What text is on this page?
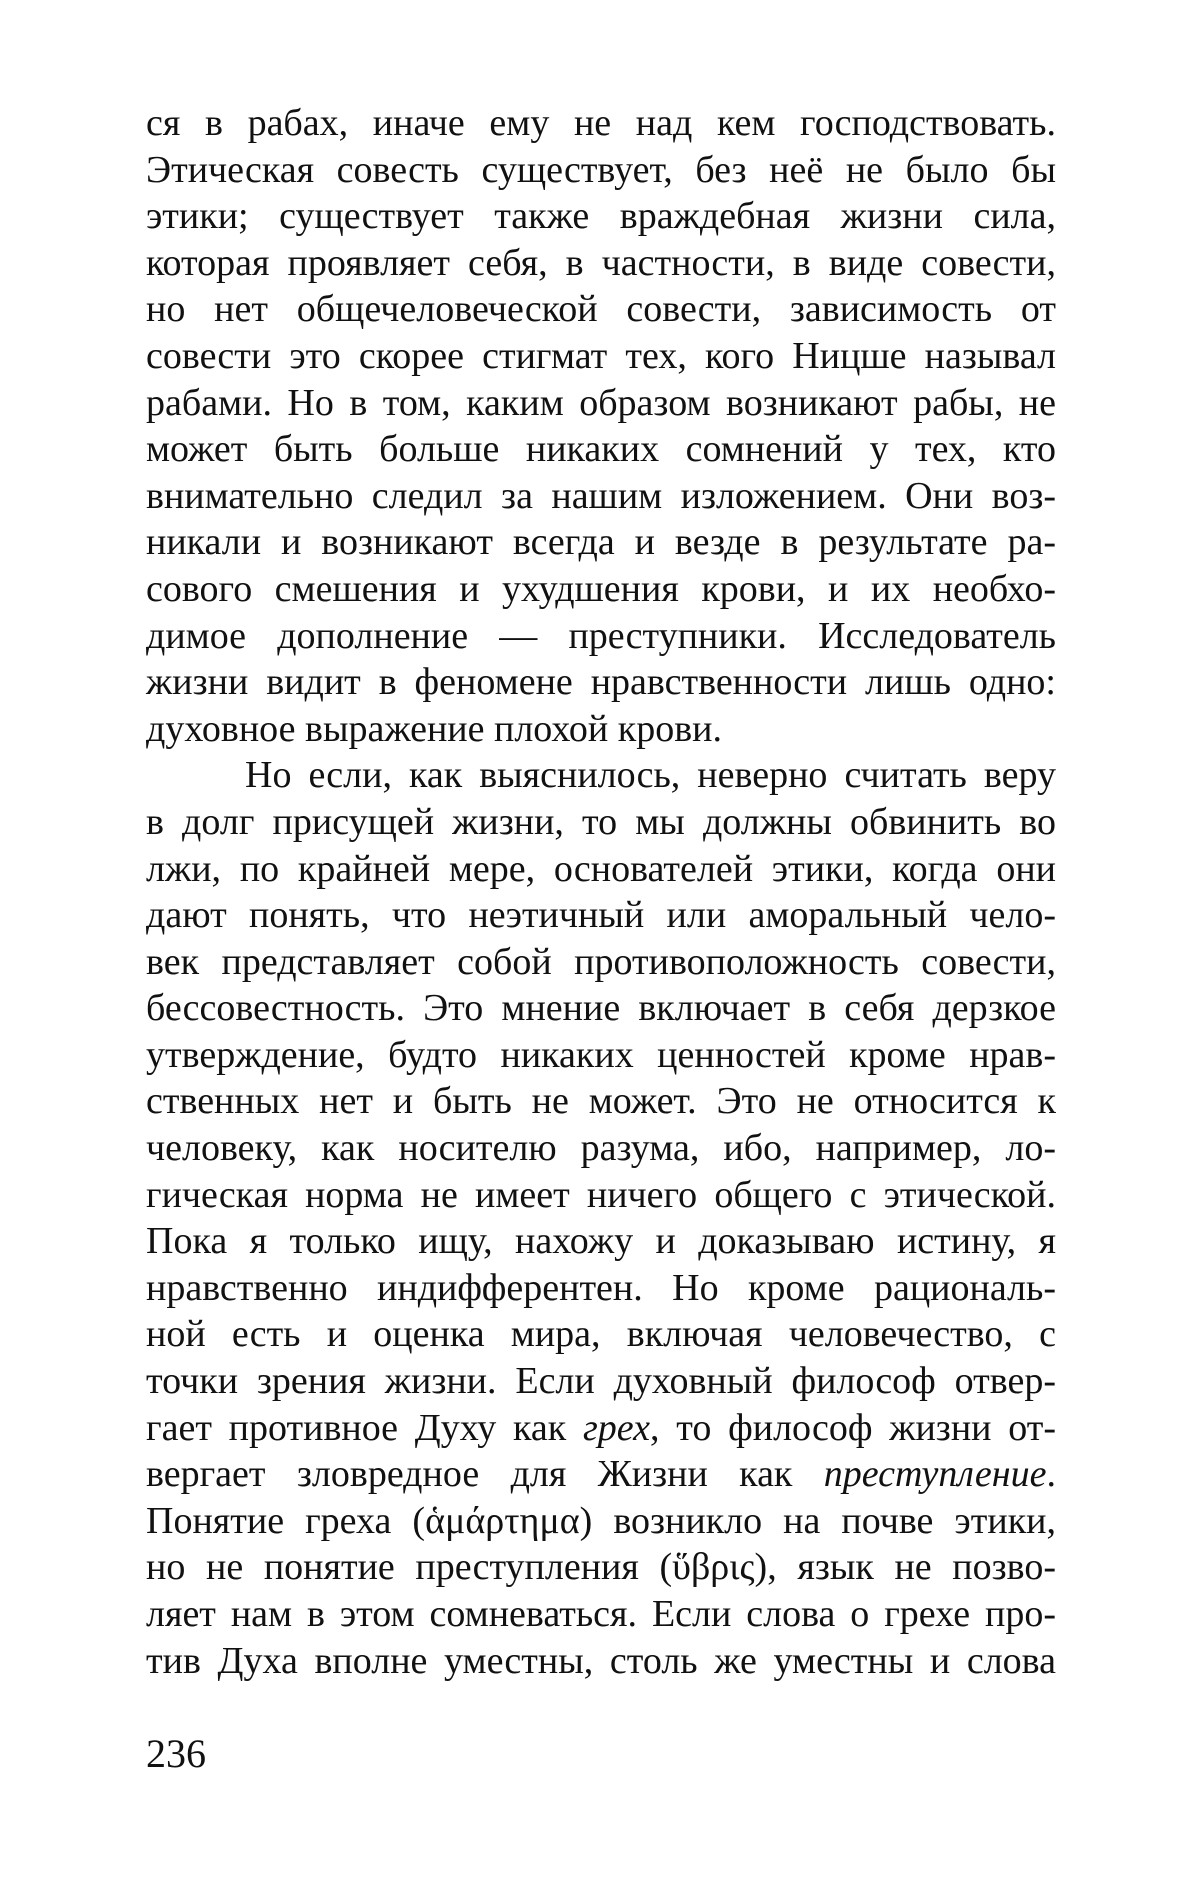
ся в рабах, иначе ему не над кем господствовать.
Этическая совесть существует, без неё не было бы
этики; существует также враждебная жизни сила,
которая проявляет себя, в частности, в виде совести,
но нет общечеловеческой совести, зависимость от
совести это скорее стигмат тех, кого Ницше называл
рабами. Но в том, каким образом возникают рабы, не
может быть больше никаких сомнений у тех, кто
внимательно следил за нашим изложением. Они воз-
никали и возникают всегда и везде в результате ра-
сового смешения и ухудшения крови, и их необхо-
димое дополнение — преступники. Исследователь
жизни видит в феномене нравственности лишь одно:
духовное выражение плохой крови.
Но если, как выяснилось, неверно считать веру
в долг присущей жизни, то мы должны обвинить во
лжи, по крайней мере, основателей этики, когда они
дают понять, что неэтичный или аморальный чело-
век представляет собой противоположность совести,
бессовестность. Это мнение включает в себя дерзкое
утверждение, будто никаких ценностей кроме нрав-
ственных нет и быть не может. Это не относится к
человеку, как носителю разума, ибо, например, ло-
гическая норма не имеет ничего общего с этической.
Пока я только ищу, нахожу и доказываю истину, я
нравственно индифферентен. Но кроме рациональ-
ной есть и оценка мира, включая человечество, с
точки зрения жизни. Если духовный философ отвер-
гает противное Духу как грех, то философ жизни от-
вергает зловредное для Жизни как преступление.
Понятие греха (ἁμάρτημα) возникло на почве этики,
но не понятие преступления (ὕβρις), язык не позво-
ляет нам в этом сомневаться. Если слова о грехе про-
тив Духа вполне уместны, столь же уместны и слова
236
